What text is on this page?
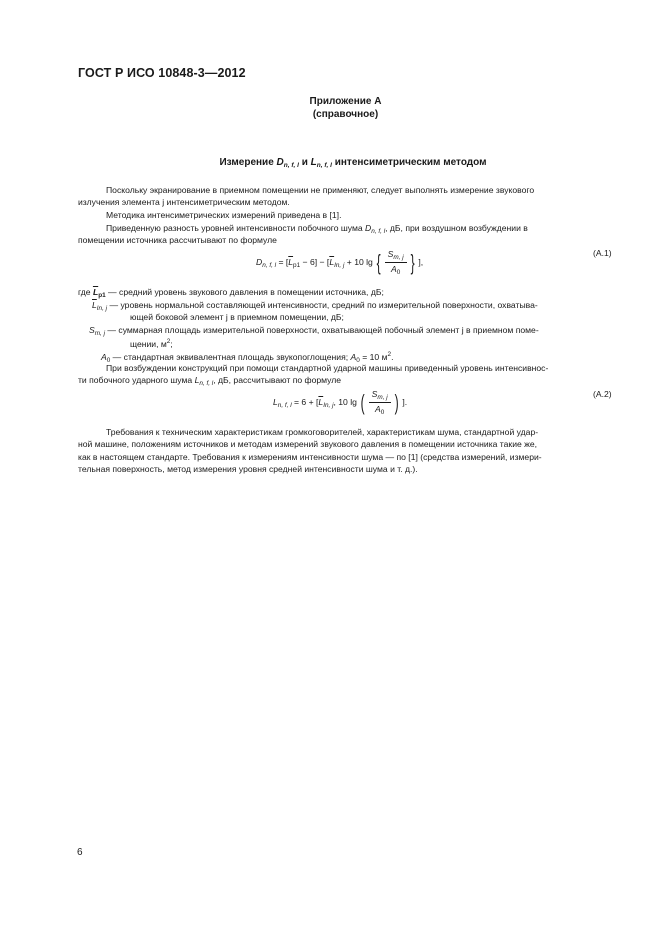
ГОСТ Р ИСО 10848-3—2012
Приложение А
(справочное)
Измерение $D_{n, f, l}$ и $L_{n, f, l}$ интенсиметрическим методом
Поскольку экранирование в приемном помещении не применяют, следует выполнять измерение звукового
излучения элемента j интенсиметрическим методом.
Методика интенсиметрических измерений приведена в [1].
Приведенную разность уровней интенсивности побочного шума $D_{n, f, l}$, дБ, при воздушном возбуждении в
помещении источника рассчитывают по формуле
$D_{n, f, l} = [\overline{L}_{p1} - 6] - [\overline{L}_{In, j} + 10$ lg { $\frac{S_{m, j}}{A_0}$ } ],
(A.1)
где $\overline{L}_{p1}$ — средний уровень звукового давления в помещении источника, дБ;
$\overline{L}_{In, j}$ — уровень нормальной составляющей интенсивности, средний по измерительной поверхности, охватыва-
ющей боковой элемент j в приемном помещении, дБ;
$S_{m, j}$ — суммарная площадь измерительной поверхности, охватывающей побочный элемент j в приемном поме-
щении, $м^2$;
$A_0$ — стандартная эквивалентная площадь звукопоглощения; $A_0 = 10$ $м^2$.
При возбуждении конструкций при помощи стандартной ударной машины приведенный уровень интенсивнос-
ти побочного ударного шума $L_{n, f, l}$, дБ, рассчитывают по формуле
$L_{n, f, l} = 6 + [\overline{L}_{In, j}$, 10 lg ( $\frac{S_{m, j}}{A_0}$ ) ].
(A.2)
Требования к техническим характеристикам громкоговорителей, характеристикам шума, стандартной удар-
ной машине, положениям источников и методам измерений звукового давления в помещении источника такие же,
как в настоящем стандарте. Требования к измерениям интенсивности шума — по [1] (средства измерений, измери-
тельная поверхность, метод измерения уровня средней интенсивности шума и т. д.).
6
